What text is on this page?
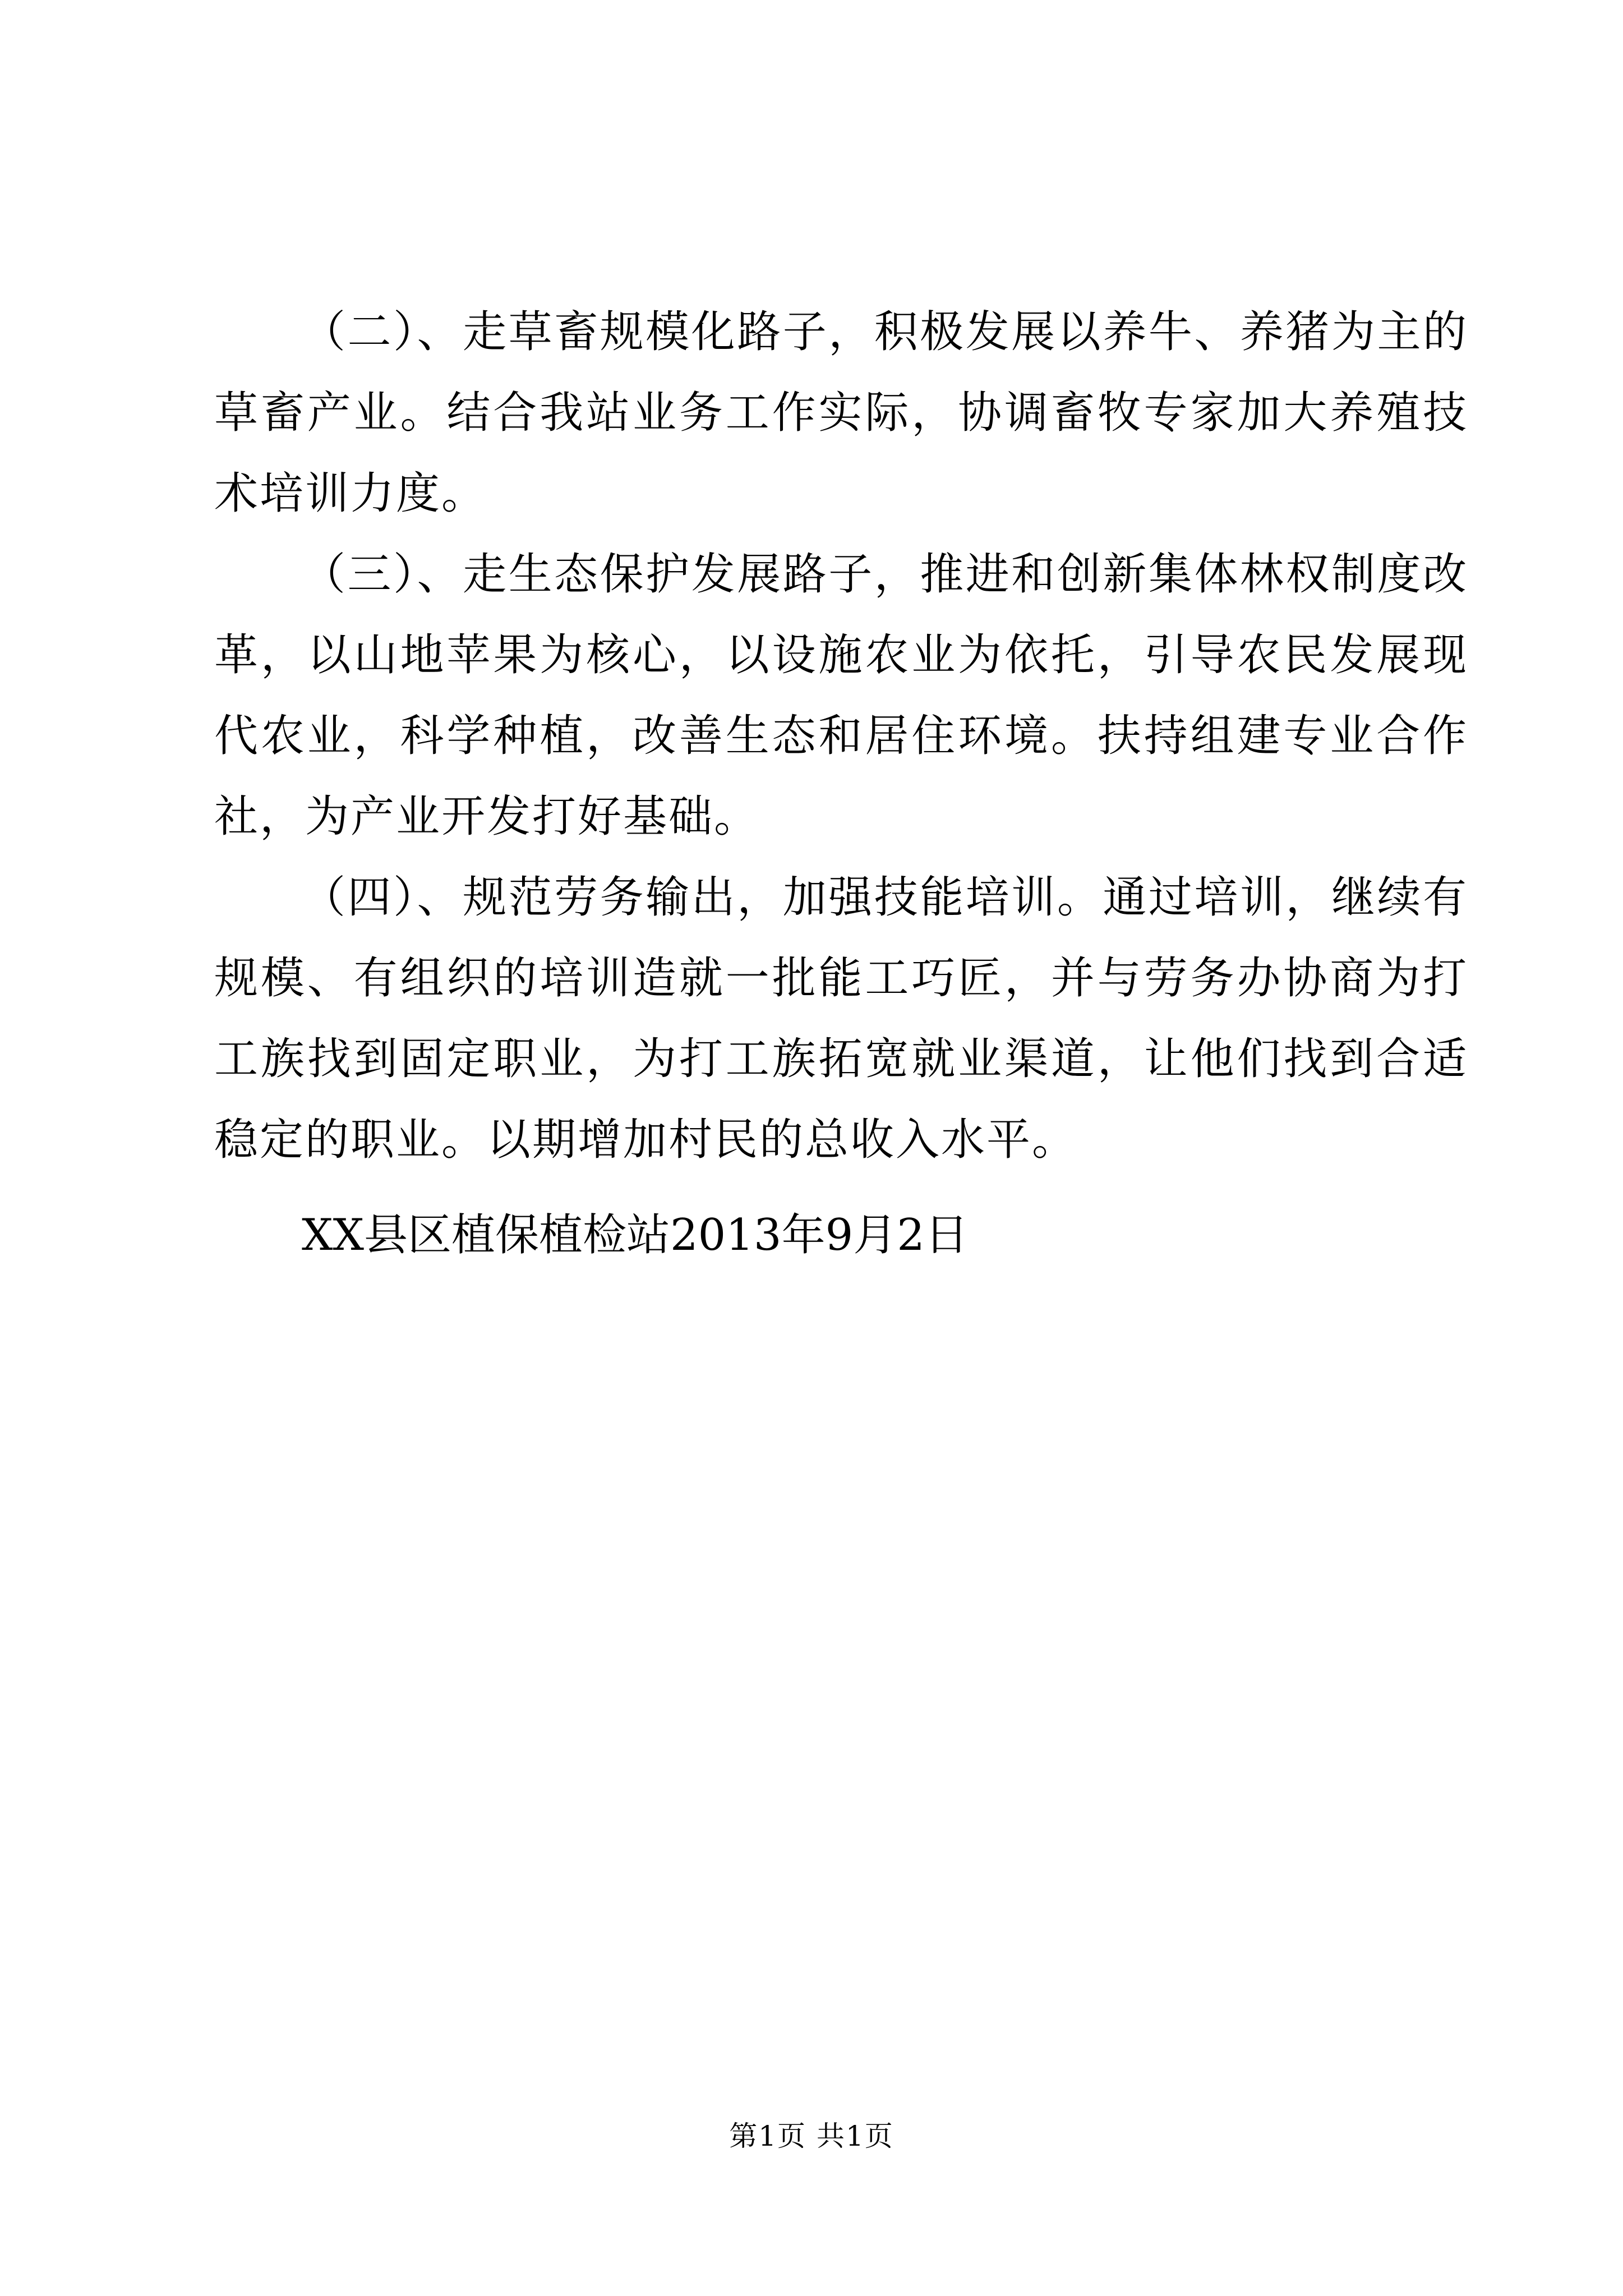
（二）、走草畜规模化路子，积极发展以养牛、养猪为主的草畜产业。结合我站业务工作实际，协调畜牧专家加大养殖技术培训力度。

（三）、走生态保护发展路子，推进和创新集体林权制度改革，以山地苹果为核心，以设施农业为依托，引导农民发展现代农业，科学种植，改善生态和居住环境。扶持组建专业合作社，为产业开发打好基础。

（四）、规范劳务输出，加强技能培训。通过培训，继续有规模、有组织的培训造就一批能工巧匠，并与劳务办协商为打工族找到固定职业，为打工族拓宽就业渠道，让他们找到合适稳定的职业。以期增加村民的总收入水平。

XX县区植保植检站2013年9月2日
第1页 共1页
